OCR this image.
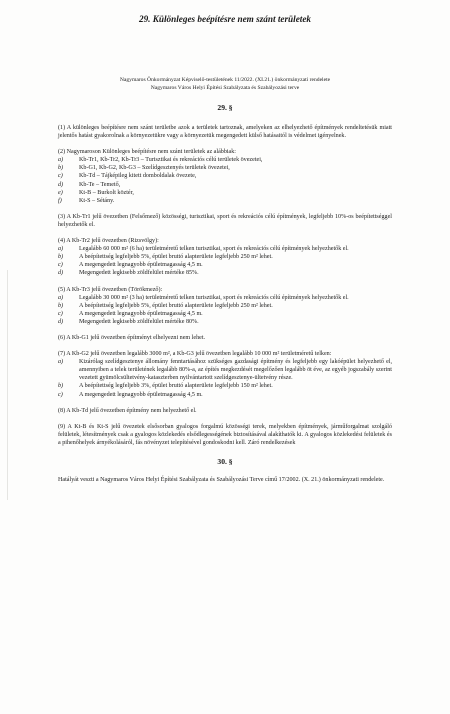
29. Különleges beépítésre nem szánt területek
Nagymaros Önkormányzat Képviselő-testületének 11/2022. (XI.21.) önkormányzati rendelete
Nagymaros Város Helyi Építési Szabályzata és Szabályozási terve
29. §

(1) A különleges beépítésre nem szánt területbe azok a területek tartoznak, amelyeken az elhelyezhető építmények rendeltetésük miatt jelentős hatást gyakorolnak a környezetükre vagy a környezetük megengedett külső hatásaitól is védelmet igényelnek.

(2) Nagymaroson Különleges beépítésre nem szánt területek az alábbiak:

a)	Kb-Tr1, Kb-Tr2, Kb-Tr3 – Turisztikai és rekreációs célú területek övezetei,
b)	Kb-G1, Kb-G2, Kb-G3 – Szelídgesztenyés területek övezetei,
c)	Kb-Td – Tájképileg kitett domboldalak övezete,
d)	Kb-Te – Temető,
e)	Kt-B – Burkolt köztér,
f)	Kt-S – Sétány.

(3) A Kb-Tr1 jelű övezetben (Felsőmező) közösségi, turisztikai, sport és rekreációs célú építmények, legfeljebb 10%-os beépítettséggel helyezhetők el.

(4) A Kb-Tr2 jelű övezetben (Rizsvölgy):

a)	Legalább 60 000 m² (6 ha) területméretű telken turisztikai, sport és rekreációs célú építmények helyezhetők el.
b)	A beépítettség legfeljebb 5%, épület bruttó alapterülete legfeljebb 250 m² lehet.
c)	A megengedett legnagyobb épületmagasság 4,5 m.
d)	Megengedett legkisebb zöldfelület mértéke 85%.

(5) A Kb-Tr3 jelű övezetben (Törökmező):

a)	Legalább 30 000 m² (3 ha) területméretű telken turisztikai, sport és rekreációs célú építmények helyezhetők el.
b)	A beépítettség legfeljebb 5%, épület bruttó alapterülete legfeljebb 250 m² lehet.
c)	A megengedett legnagyobb épületmagasság 4,5 m.
d)	Megengedett legkisebb zöldfelület mértéke 80%.

(6) A Kb-G1 jelű övezetben építményt elhelyezni nem lehet.

(7) A Kb-G2 jelű övezetben legalább 3000 m², a Kb-G3 jelű övezetben legalább 10 000 m² területméretű telken:

a)	Kizárólag szelídgesztenye állomány fenntartásához szükséges gazdasági építmény és legfeljebb egy lakóépület helyezhető el, amennyiben a telek területének legalább 80%-a, az építés megkezdését megelőzően legalább öt éve, az egyéb jogszabály szerint vezetett gyümölcsültetvény-kataszterben nyilvántartott szelídgesztenye-ültetvény része.
b)	A beépítettség legfeljebb 3%, épület bruttó alapterülete legfeljebb 150 m² lehet.
c)	A megengedett legnagyobb épületmagasság 4,5 m.

(8) A Kb-Td jelű övezetben építmény nem helyezhető el.

(9) A Kt-B és Kt-S jelű övezetek elsősorban gyalogos forgalmú közösségi terek, melyekben építmények, járműforgalmat szolgáló felületek, létesítmények csak a gyalogos közlekedés elsődlegességének biztosításával alakíthatók ki. A gyalogos közlekedési felületek és a pihenőhelyek árnyékolásáról, fás növényzet telepítésével gondoskodni kell. Záró rendelkezések

30. §

Hatályát veszti a Nagymaros Város Helyi Építési Szabályzata és Szabályozási Terve című 17/2002. (X. 21.) önkormányzati rendelete.
